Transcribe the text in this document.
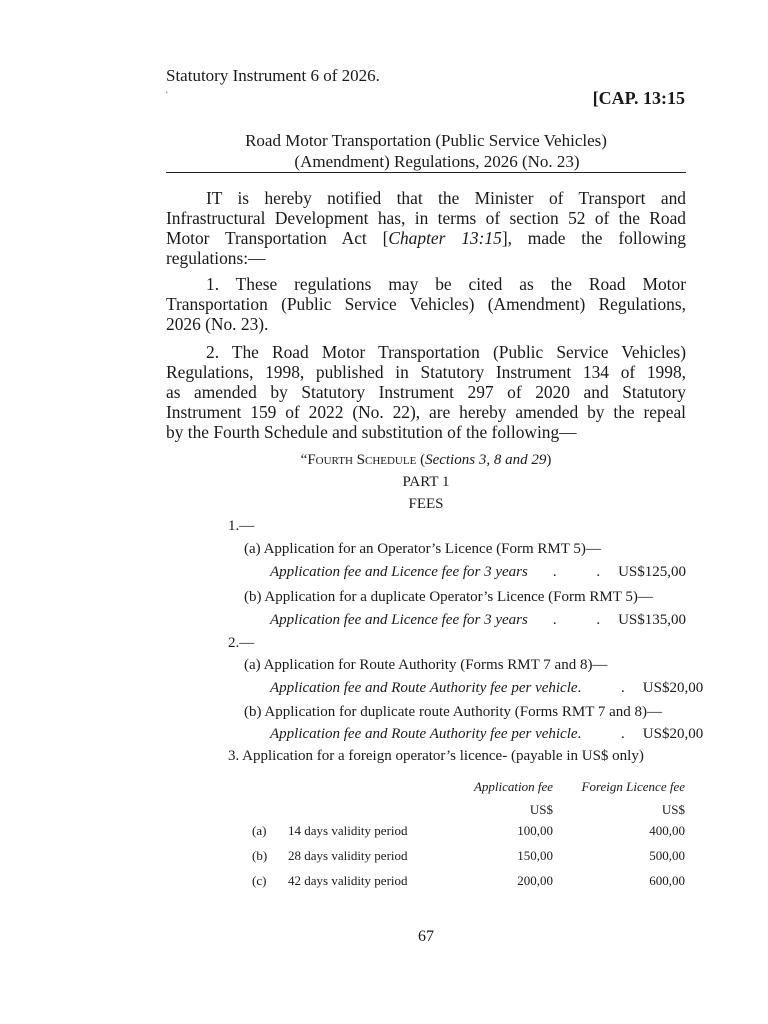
Statutory Instrument 6 of 2026.
'	[CAP. 13:15
Road Motor Transportation (Public Service Vehicles)
(Amendment) Regulations, 2026 (No. 23)
IT is hereby notified that the Minister of Transport and
Infrastructural Development has, in terms of section 52 of the Road
Motor Transportation Act [Chapter 13:15], made the following
regulations:—
1. These regulations may be cited as the Road Motor
Transportation (Public Service Vehicles) (Amendment) Regulations,
2026 (No. 23).
2. The Road Motor Transportation (Public Service Vehicles)
Regulations, 1998, published in Statutory Instrument 134 of 1998,
as amended by Statutory Instrument 297 of 2020 and Statutory
Instrument 159 of 2022 (No. 22), are hereby amended by the repeal
by the Fourth Schedule and substitution of the following—
“Fourth Schedule (Sections 3, 8 and 29)
PART 1
FEES
1.—
(a) Application for an Operator’s Licence (Form RMT 5)—
Application fee and Licence fee for 3 years . .US$125,00
(b) Application for a duplicate Operator’s Licence (Form RMT 5)—
Application fee and Licence fee for 3 years . .US$135,00
2.—
(a) Application for Route Authority (Forms RMT 7 and 8)—
Application fee and Route Authority fee per vehicle . .US$20,00
(b) Application for duplicate route Authority (Forms RMT 7 and 8)—
Application fee and Route Authority fee per vehicle . .US$20,00
3. Application for a foreign operator’s licence- (payable in US$ only)
Application fee Foreign Licence fee
US$	US$
(a) 14 days validity period	100,00	400,00
(b) 28 days validity period	150,00	500,00
(c) 42 days validity period	200,00	600,00
67
